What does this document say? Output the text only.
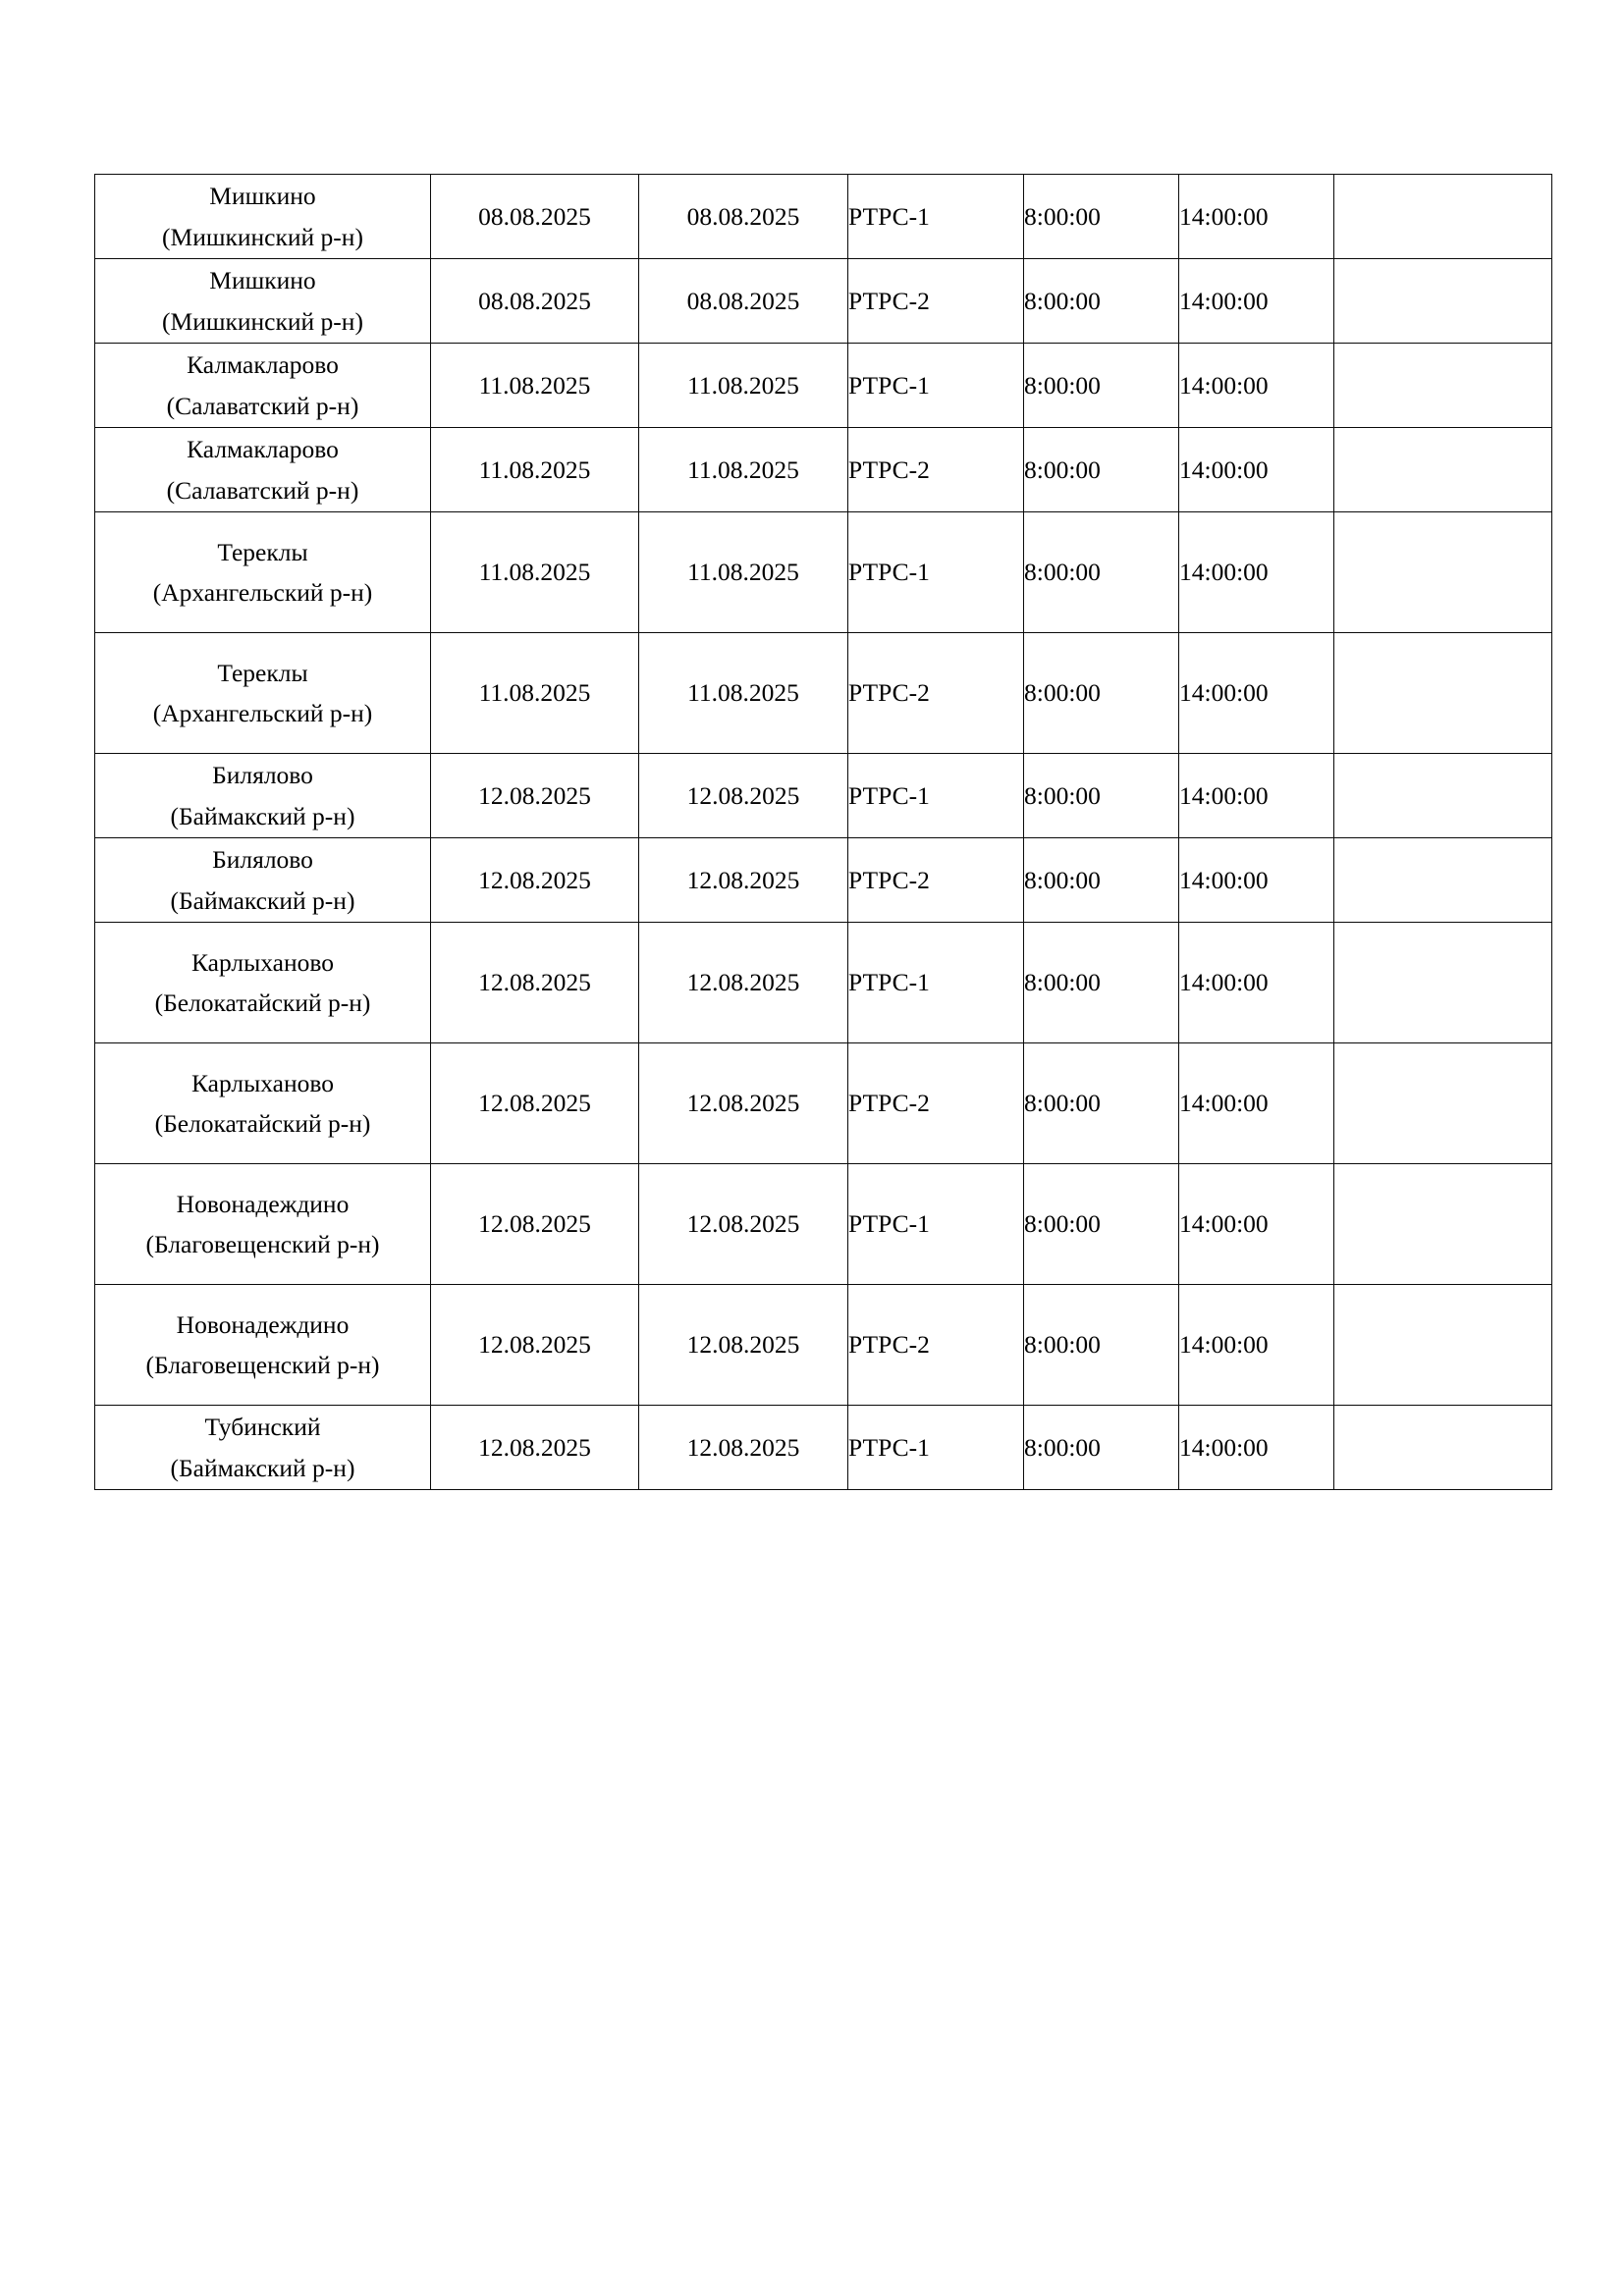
Мишкино
(Мишкинский р-н)	08.08.2025	08.08.2025	РТРС-1	8:00:00	14:00:00	

Мишкино
(Мишкинский р-н)	08.08.2025	08.08.2025	РТРС-2	8:00:00	14:00:00	

Калмакларово
(Салаватский р-н)	11.08.2025	11.08.2025	РТРС-1	8:00:00	14:00:00	

Калмакларово
(Салаватский р-н)	11.08.2025	11.08.2025	РТРС-2	8:00:00	14:00:00	

Тереклы
(Архангельский р-н)	11.08.2025	11.08.2025	РТРС-1	8:00:00	14:00:00	

Тереклы
(Архангельский р-н)	11.08.2025	11.08.2025	РТРС-2	8:00:00	14:00:00	

Билялово
(Баймакский р-н)	12.08.2025	12.08.2025	РТРС-1	8:00:00	14:00:00	

Билялово
(Баймакский р-н)	12.08.2025	12.08.2025	РТРС-2	8:00:00	14:00:00	

Карлыханово
(Белокатайский р-н)	12.08.2025	12.08.2025	РТРС-1	8:00:00	14:00:00	

Карлыханово
(Белокатайский р-н)	12.08.2025	12.08.2025	РТРС-2	8:00:00	14:00:00	

Новонадеждино
(Благовещенский р-н)	12.08.2025	12.08.2025	РТРС-1	8:00:00	14:00:00	

Новонадеждино
(Благовещенский р-н)	12.08.2025	12.08.2025	РТРС-2	8:00:00	14:00:00	

Тубинский
(Баймакский р-н)	12.08.2025	12.08.2025	РТРС-1	8:00:00	14:00:00	
